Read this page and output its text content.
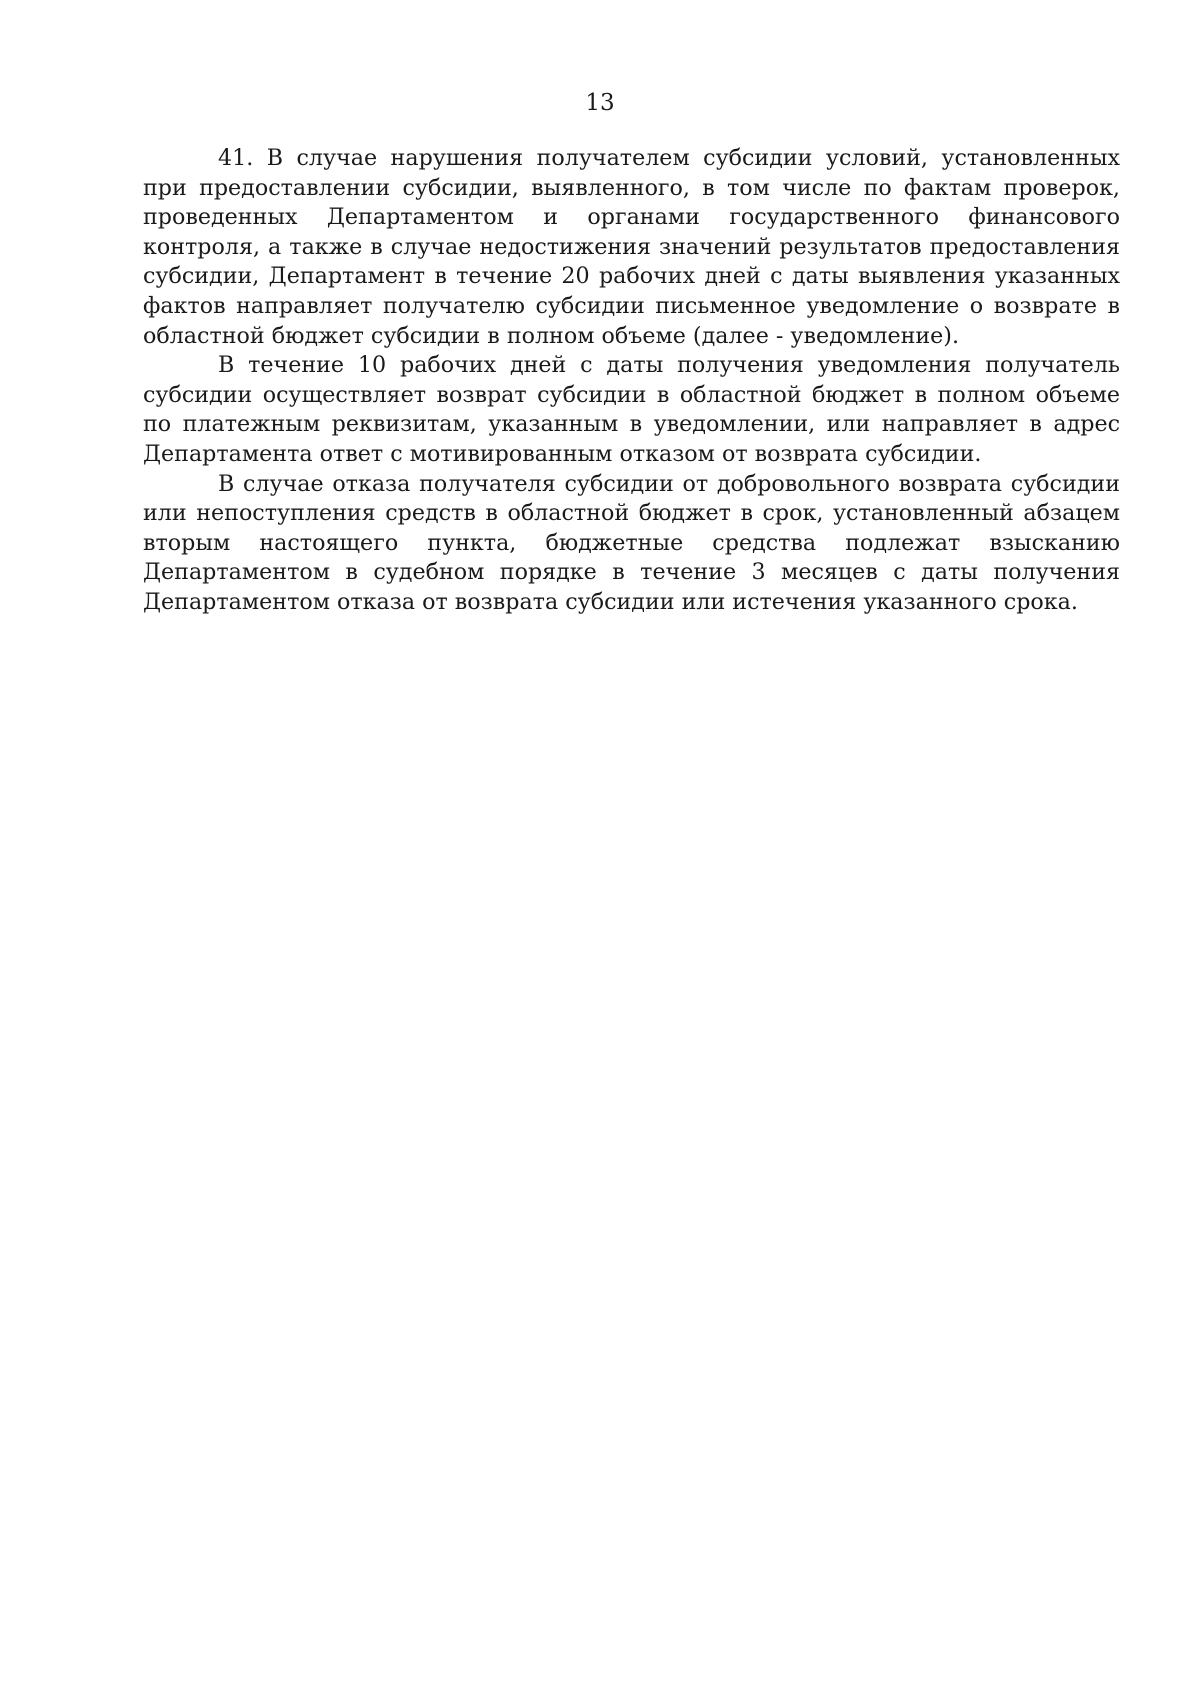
13

41. В случае нарушения получателем субсидии условий, установленных при предоставлении субсидии, выявленного, в том числе по фактам проверок, проведенных Департаментом и органами государственного финансового контроля, а также в случае недостижения значений результатов предоставления субсидии, Департамент в течение 20 рабочих дней с даты выявления указанных фактов направляет получателю субсидии письменное уведомление о возврате в областной бюджет субсидии в полном объеме (далее - уведомление).

В течение 10 рабочих дней с даты получения уведомления получатель субсидии осуществляет возврат субсидии в областной бюджет в полном объеме по платежным реквизитам, указанным в уведомлении, или направляет в адрес Департамента ответ с мотивированным отказом от возврата субсидии.

В случае отказа получателя субсидии от добровольного возврата субсидии или непоступления средств в областной бюджет в срок, установленный абзацем вторым настоящего пункта, бюджетные средства подлежат взысканию Департаментом в судебном порядке в течение 3 месяцев с даты получения Департаментом отказа от возврата субсидии или истечения указанного срока.
